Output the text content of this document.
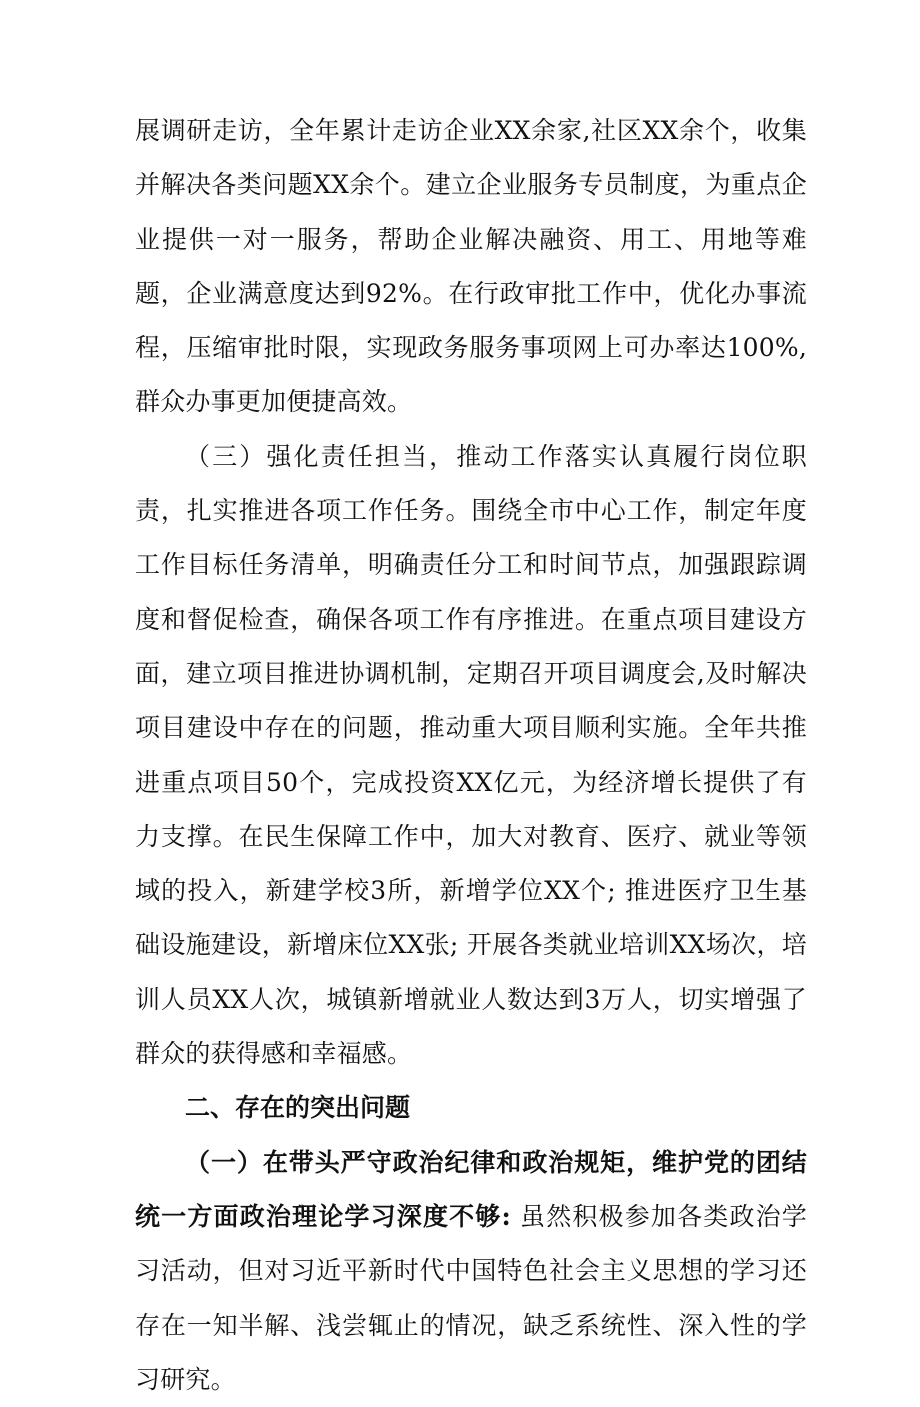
展调研走访，全年累计走访企业XX余家,社区XX余个，收集并解决各类问题XX余个。建立企业服务专员制度，为重点企业提供一对一服务，帮助企业解决融资、用工、用地等难题，企业满意度达到92%。在行政审批工作中，优化办事流程，压缩审批时限，实现政务服务事项网上可办率达100%,群众办事更加便捷高效。

（三）强化责任担当，推动工作落实认真履行岗位职责，扎实推进各项工作任务。围绕全市中心工作，制定年度工作目标任务清单，明确责任分工和时间节点，加强跟踪调度和督促检查，确保各项工作有序推进。在重点项目建设方面，建立项目推进协调机制，定期召开项目调度会,及时解决项目建设中存在的问题，推动重大项目顺利实施。全年共推进重点项目50个，完成投资XX亿元，为经济增长提供了有力支撑。在民生保障工作中，加大对教育、医疗、就业等领域的投入，新建学校3所，新增学位XX个; 推进医疗卫生基础设施建设，新增床位XX张; 开展各类就业培训XX场次，培训人员XX人次，城镇新增就业人数达到3万人，切实增强了群众的获得感和幸福感。

二、存在的突出问题

（一）在带头严守政治纪律和政治规矩，维护党的团结统一方面政治理论学习深度不够: 虽然积极参加各类政治学习活动，但对习近平新时代中国特色社会主义思想的学习还存在一知半解、浅尝辄止的情况，缺乏系统性、深入性的学习研究。
